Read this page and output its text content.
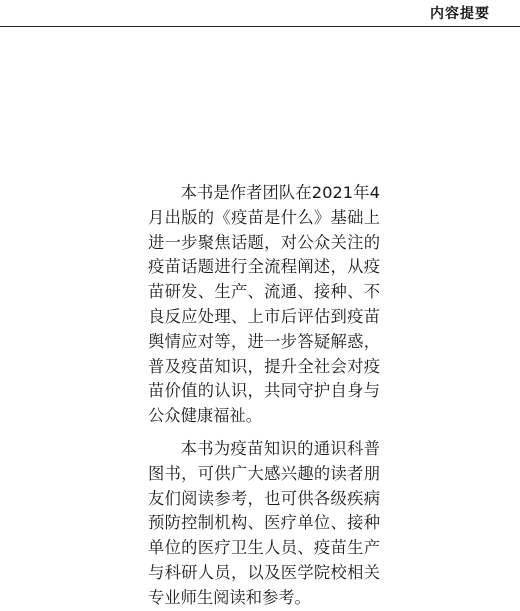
内容提要

本书是作者团队在2021年4月出版的《疫苗是什么》基础上进一步聚焦话题，对公众关注的疫苗话题进行全流程阐述，从疫苗研发、生产、流通、接种、不良反应处理、上市后评估到疫苗舆情应对等，进一步答疑解惑，普及疫苗知识，提升全社会对疫苗价值的认识，共同守护自身与公众健康福祉。

本书为疫苗知识的通识科普图书，可供广大感兴趣的读者朋友们阅读参考，也可供各级疾病预防控制机构、医疗单位、接种单位的医疗卫生人员、疫苗生产与科研人员，以及医学院校相关专业师生阅读和参考。
